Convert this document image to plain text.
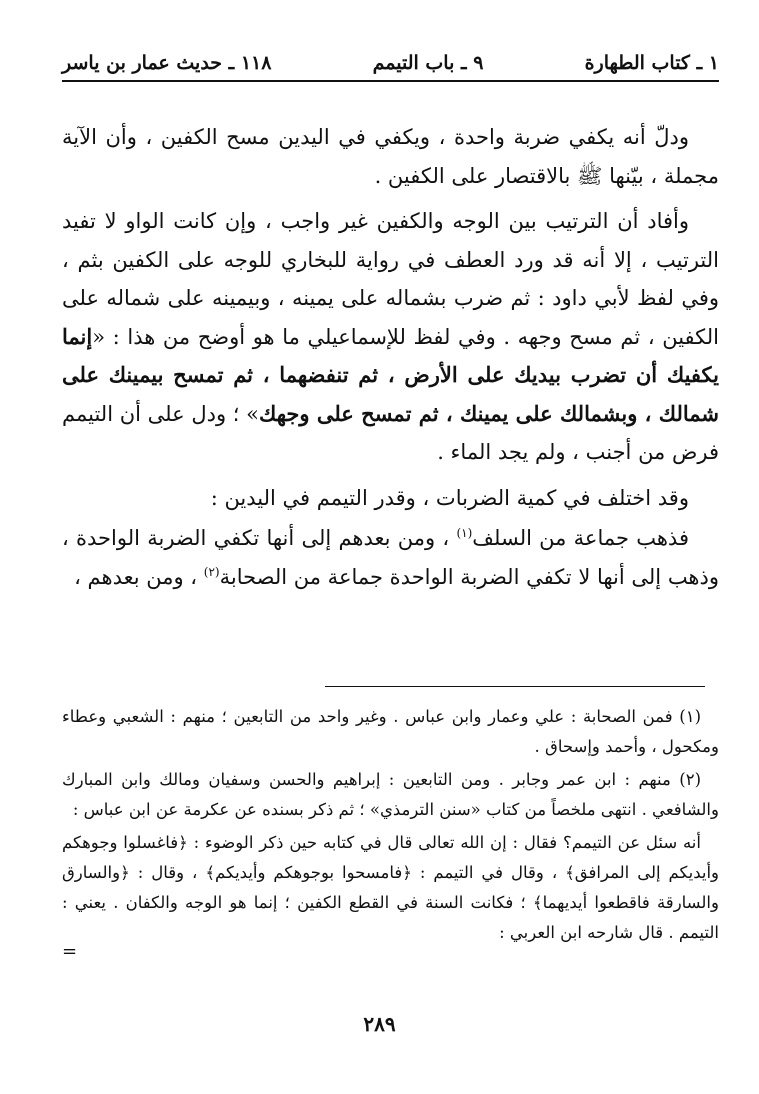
١ ـ كتاب الطهارة
٩ ـ باب التيمم
١١٨ ـ حديث عمار بن ياسر

ودلّ أنه يكفي ضربة واحدة ، ويكفي في اليدين مسح الكفين ، وأن الآية مجملة ، بيّنها ﷺ بالاقتصار على الكفين .

وأفاد أن الترتيب بين الوجه والكفين غير واجب ، وإن كانت الواو لا تفيد الترتيب ، إلا أنه قد ورد العطف في رواية للبخاري للوجه على الكفين بثم ، وفي لفظ لأبي داود : ثم ضرب بشماله على يمينه ، وبيمينه على شماله على الكفين ، ثم مسح وجهه . وفي لفظ للإسماعيلي ما هو أوضح من هذا : «إنما يكفيك أن تضرب بيديك على الأرض ، ثم تنفضهما ، ثم تمسح بيمينك على شمالك ، وبشمالك على يمينك ، ثم تمسح على وجهك» ؛ ودل على أن التيمم فرض من أجنب ، ولم يجد الماء .

وقد اختلف في كمية الضربات ، وقدر التيمم في اليدين :

فذهب جماعة من السلف$^{(١)}$ ، ومن بعدهم إلى أنها تكفي الضربة الواحدة ، وذهب إلى أنها لا تكفي الضربة الواحدة جماعة من الصحابة$^{(٢)}$ ، ومن بعدهم ،

(١) فمن الصحابة : علي وعمار وابن عباس . وغير واحد من التابعين ؛ منهم : الشعبي وعطاء ومكحول ، وأحمد وإسحاق .

(٢) منهم : ابن عمر وجابر . ومن التابعين : إبراهيم والحسن وسفيان ومالك وابن المبارك والشافعي . انتهى ملخصاً من كتاب «سنن الترمذي» ؛ ثم ذكر بسنده عن عكرمة عن ابن عباس :

أنه سئل عن التيمم؟ فقال : إن الله تعالى قال في كتابه حين ذكر الوضوء : ﴿فاغسلوا وجوهكم وأيديكم إلى المرافق﴾ ، وقال في التيمم : ﴿فامسحوا بوجوهكم وأيديكم﴾ ، وقال : ﴿والسارق والسارقة فاقطعوا أيديهما﴾ ؛ فكانت السنة في القطع الكفين ؛ إنما هو الوجه والكفان . يعني : التيمم . قال شارحه ابن العربي :

=
٢٨٩
